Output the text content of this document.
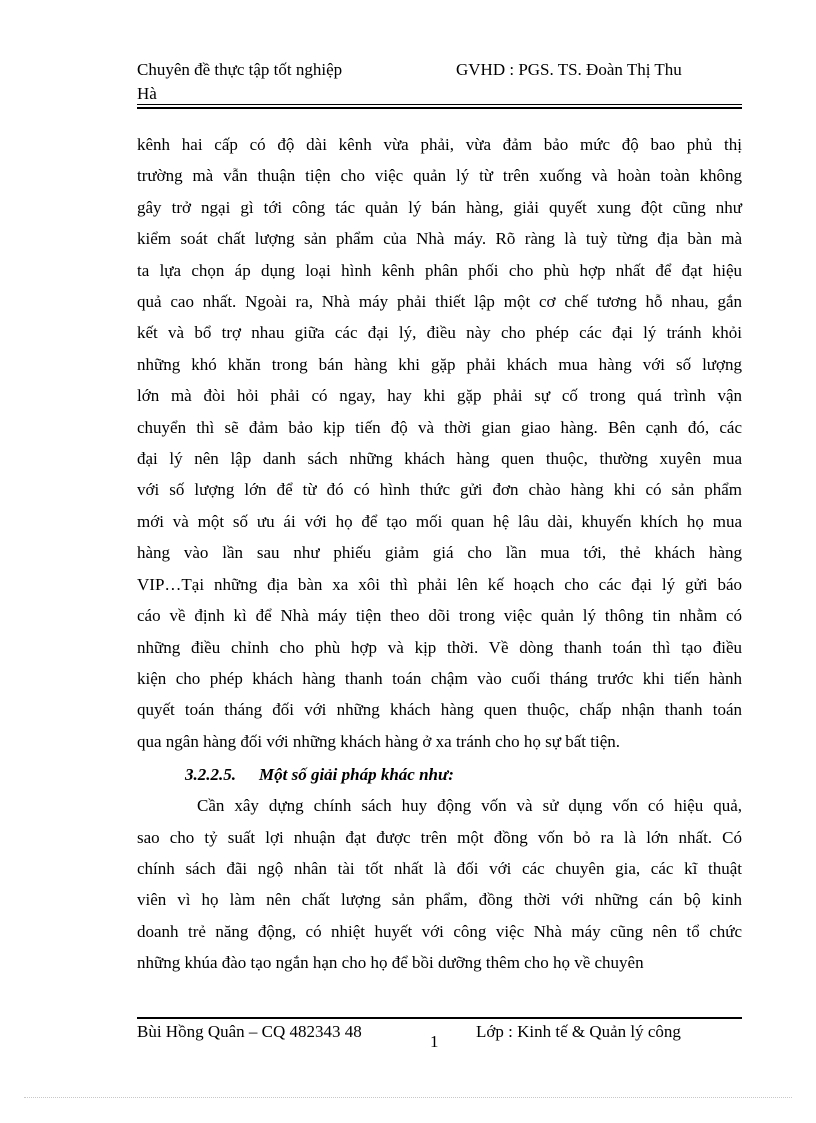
Chuyên đề thực tập tốt nghiệp	GVHD : PGS. TS. Đoàn Thị Thu
Hà

kênh hai cấp có độ dài kênh vừa phải, vừa đảm bảo mức độ bao phủ thị
trường mà vẫn thuận tiện cho việc quản lý từ trên xuống và hoàn toàn không
gây trở ngại gì tới công tác quản lý bán hàng, giải quyết xung đột cũng như
kiểm soát chất lượng sản phẩm của Nhà máy. Rõ ràng là tuỳ từng địa bàn mà
ta lựa chọn áp dụng loại hình kênh phân phối cho phù hợp nhất để đạt hiệu
quả cao nhất. Ngoài ra, Nhà máy phải thiết lập một cơ chế tương hỗ nhau, gắn
kết và bổ trợ nhau giữa các đại lý, điều này cho phép các đại lý tránh khỏi
những khó khăn trong bán hàng khi gặp phải khách mua hàng với số lượng
lớn mà đòi hỏi phải có ngay, hay khi gặp phải sự cố trong quá trình vận
chuyển thì sẽ đảm bảo kịp tiến độ và thời gian giao hàng. Bên cạnh đó, các
đại lý nên lập danh sách những khách hàng quen thuộc, thường xuyên mua
với số lượng lớn để từ đó có hình thức gửi đơn chào hàng khi có sản phẩm
mới và một số ưu ái với họ để tạo mối quan hệ lâu dài, khuyến khích họ mua
hàng vào lần sau như phiếu giảm giá cho lần mua tới, thẻ khách hàng
VIP…Tại những địa bàn xa xôi thì phải lên kế hoạch cho các đại lý gửi báo
cáo về định kì để Nhà máy tiện theo dõi trong việc quản lý thông tin nhằm có
những điều chỉnh cho phù hợp và kịp thời. Về dòng thanh toán thì tạo điều
kiện cho phép khách hàng thanh toán chậm vào cuối tháng trước khi tiến hành
quyết toán tháng đối với những khách hàng quen thuộc, chấp nhận thanh toán
qua ngân hàng đối với những khách hàng ở xa tránh cho họ sự bất tiện.

3.2.2.5. Một số giải pháp khác như:

Cần xây dựng chính sách huy động vốn và sử dụng vốn có hiệu quả,
sao cho tỷ suất lợi nhuận đạt được trên một đồng vốn bỏ ra là lớn nhất. Có
chính sách đãi ngộ nhân tài tốt nhất là đối với các chuyên gia, các kĩ thuật
viên vì họ làm nên chất lượng sản phẩm, đồng thời với những cán bộ kinh
doanh trẻ năng động, có nhiệt huyết với công việc Nhà máy cũng nên tổ chức
những khúa đào tạo ngắn hạn cho họ để bồi dưỡng thêm cho họ về chuyên

Bùi Hồng Quân – CQ 482343 48
1
Lớp : Kinh tế & Quản lý công
